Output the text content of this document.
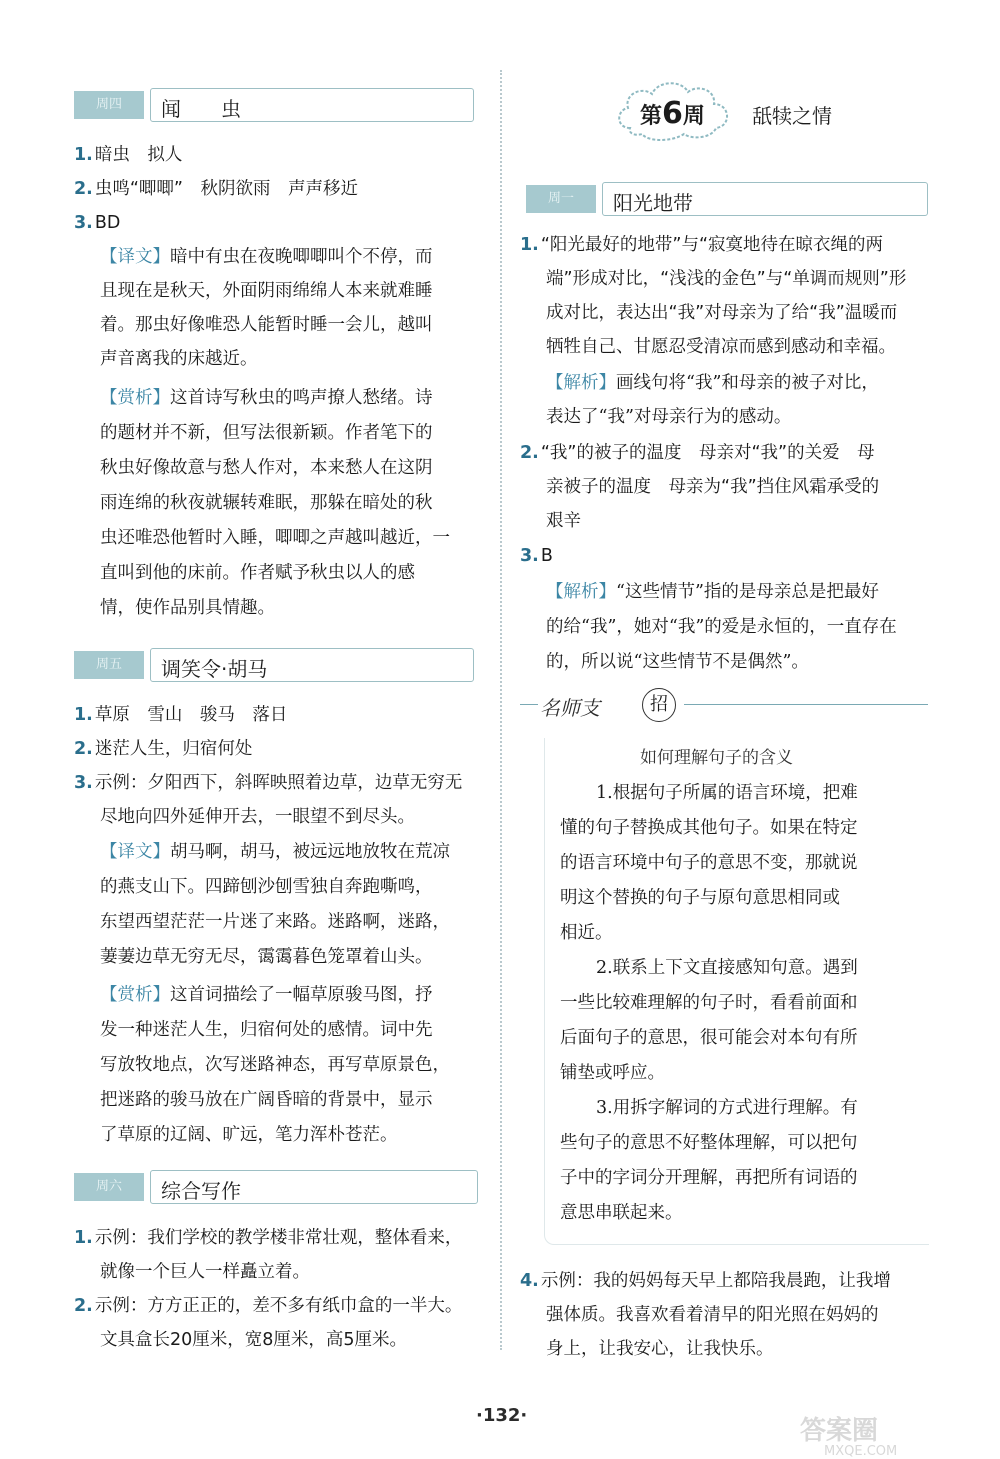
周四	闻　　虫
1. 暗虫　拟人
2. 虫鸣“唧唧”　秋阴欲雨　声声移近
3. BD
【译文】暗中有虫在夜晚唧唧叫个不停，而
且现在是秋天，外面阴雨绵绵人本来就难睡
着。那虫好像唯恐人能暂时睡一会儿，越叫
声音离我的床越近。
【赏析】这首诗写秋虫的鸣声撩人愁绪。诗
的题材并不新，但写法很新颖。作者笔下的
秋虫好像故意与愁人作对，本来愁人在这阴
雨连绵的秋夜就辗转难眠，那躲在暗处的秋
虫还唯恐他暂时入睡，唧唧之声越叫越近，一
直叫到他的床前。作者赋予秋虫以人的感
情，使作品别具情趣。
周五	调笑令·胡马
1. 草原　雪山　骏马　落日
2. 迷茫人生，归宿何处
3. 示例：夕阳西下，斜晖映照着边草，边草无穷无
尽地向四外延伸开去，一眼望不到尽头。
【译文】胡马啊，胡马，被远远地放牧在荒凉
的燕支山下。四蹄刨沙刨雪独自奔跑嘶鸣，
东望西望茫茫一片迷了来路。迷路啊，迷路，
萋萋边草无穷无尽，霭霭暮色笼罩着山头。
【赏析】这首词描绘了一幅草原骏马图，抒
发一种迷茫人生，归宿何处的感情。词中先
写放牧地点，次写迷路神态，再写草原景色，
把迷路的骏马放在广阔昏暗的背景中，显示
了草原的辽阔、旷远，笔力浑朴苍茫。
周六	综合写作
1. 示例：我们学校的教学楼非常壮观，整体看来，
就像一个巨人一样矗立着。
2. 示例：方方正正的，差不多有纸巾盒的一半大。
文具盒长20厘米，宽8厘米，高5厘米。
第6周 舐犊之情
周一	阳光地带
1. “阳光最好的地带”与“寂寞地待在晾衣绳的两
端”形成对比，“浅浅的金色”与“单调而规则”形
成对比，表达出“我”对母亲为了给“我”温暖而
牺牲自己、甘愿忍受清凉而感到感动和幸福。
【解析】画线句将“我”和母亲的被子对比，
表达了“我”对母亲行为的感动。
2. “我”的被子的温度　母亲对“我”的关爱　母
亲被子的温度　母亲为“我”挡住风霜承受的
艰辛
3. B
【解析】“这些情节”指的是母亲总是把最好
的给“我”，她对“我”的爱是永恒的，一直存在
的，所以说“这些情节不是偶然”。
名师支	招
如何理解句子的含义
1.根据句子所属的语言环境，把难
懂的句子替换成其他句子。如果在特定
的语言环境中句子的意思不变，那就说
明这个替换的句子与原句意思相同或
相近。
2.联系上下文直接感知句意。遇到
一些比较难理解的句子时，看看前面和
后面句子的意思，很可能会对本句有所
铺垫或呼应。
3.用拆字解词的方式进行理解。有
些句子的意思不好整体理解，可以把句
子中的字词分开理解，再把所有词语的
意思串联起来。
4. 示例：我的妈妈每天早上都陪我晨跑，让我增
强体质。我喜欢看着清早的阳光照在妈妈的
身上，让我安心，让我快乐。
·132·
答案圈
MXQE.COM
